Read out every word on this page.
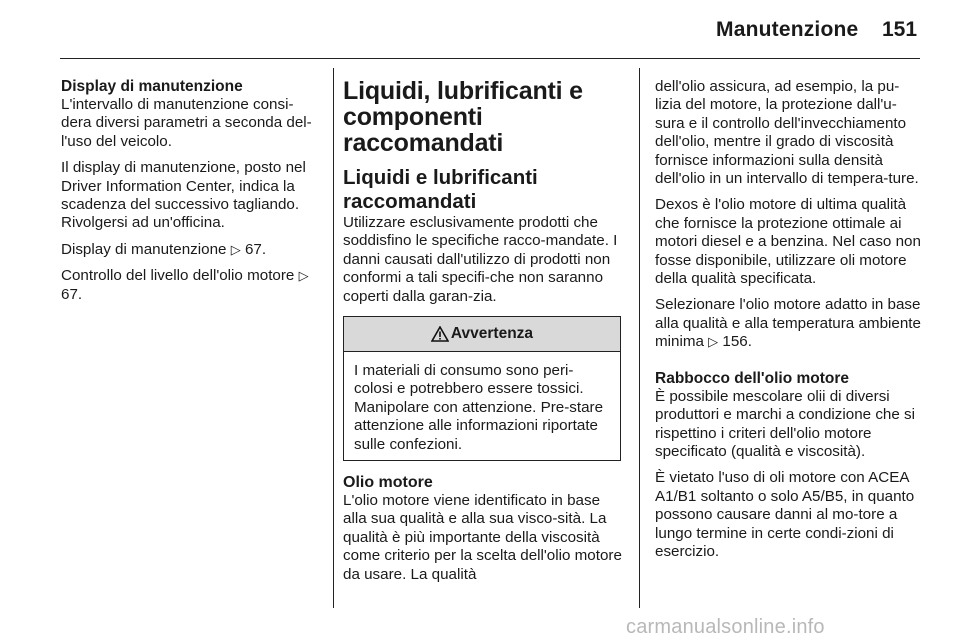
Manutenzione 151
Display di manutenzione

L'intervallo di manutenzione consi-dera diversi parametri a seconda del-l'uso del veicolo.

Il display di manutenzione, posto nel Driver Information Center, indica la scadenza del successivo tagliando. Rivolgersi ad un'officina.

Display di manutenzione ▷ 67.

Controllo del livello dell'olio motore ▷ 67.

Liquidi, lubrificanti e componenti raccomandati
Liquidi e lubrificanti raccomandati

Utilizzare esclusivamente prodotti che soddisfino le specifiche racco-mandate. I danni causati dall'utilizzo di prodotti non conformi a tali specifi-che non saranno coperti dalla garan-zia.

Avvertenza
I materiali di consumo sono peri-colosi e potrebbero essere tossici. Manipolare con attenzione. Pre-stare attenzione alle informazioni riportate sulle confezioni.
Olio motore

L'olio motore viene identificato in base alla sua qualità e alla sua visco-sità. La qualità è più importante della viscosità come criterio per la scelta dell'olio motore da usare. La qualità

dell'olio assicura, ad esempio, la pu-lizia del motore, la protezione dall'u-sura e il controllo dell'invecchiamento dell'olio, mentre il grado di viscosità fornisce informazioni sulla densità dell'olio in un intervallo di tempera-ture.

Dexos è l'olio motore di ultima qualità che fornisce la protezione ottimale ai motori diesel e a benzina. Nel caso non fosse disponibile, utilizzare oli motore della qualità specificata.

Selezionare l'olio motore adatto in base alla qualità e alla temperatura ambiente minima ▷ 156.

Rabbocco dell'olio motore

È possibile mescolare olii di diversi produttori e marchi a condizione che si rispettino i criteri dell'olio motore specificato (qualità e viscosità).

È vietato l'uso di oli motore con ACEA A1/B1 soltanto o solo A5/B5, in quanto possono causare danni al mo-tore a lungo termine in certe condi-zioni di esercizio.

carmanualsonline.info
